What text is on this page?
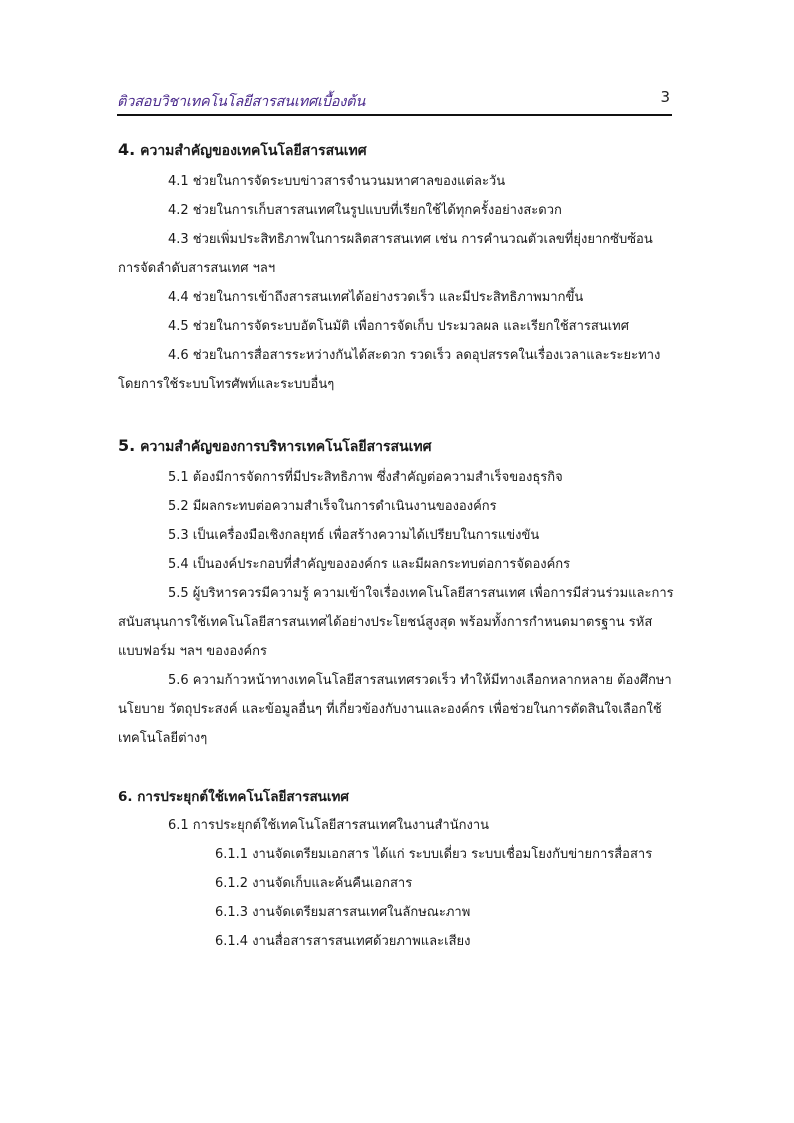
ติวสอบวิชาเทคโนโลยีสารสนเทศเบื้องต้น	3
4. ความสำคัญของเทคโนโลยีสารสนเทศ
4.1 ช่วยในการจัดระบบข่าวสารจำนวนมหาศาลของแต่ละวัน
4.2 ช่วยในการเก็บสารสนเทศในรูปแบบที่เรียกใช้ได้ทุกครั้งอย่างสะดวก
4.3 ช่วยเพิ่มประสิทธิภาพในการผลิตสารสนเทศ เช่น การคำนวณตัวเลขที่ยุ่งยากซับซ้อน
การจัดลำดับสารสนเทศ ฯลฯ
4.4 ช่วยในการเข้าถึงสารสนเทศได้อย่างรวดเร็ว และมีประสิทธิภาพมากขึ้น
4.5 ช่วยในการจัดระบบอัตโนมัติ เพื่อการจัดเก็บ ประมวลผล และเรียกใช้สารสนเทศ
4.6 ช่วยในการสื่อสารระหว่างกันได้สะดวก รวดเร็ว ลดอุปสรรคในเรื่องเวลาและระยะทาง
โดยการใช้ระบบโทรศัพท์และระบบอื่นๆ
5. ความสำคัญของการบริหารเทคโนโลยีสารสนเทศ
5.1 ต้องมีการจัดการที่มีประสิทธิภาพ ซึ่งสำคัญต่อความสำเร็จของธุรกิจ
5.2 มีผลกระทบต่อความสำเร็จในการดำเนินงานขององค์กร
5.3 เป็นเครื่องมือเชิงกลยุทธ์ เพื่อสร้างความได้เปรียบในการแข่งขัน
5.4 เป็นองค์ประกอบที่สำคัญขององค์กร และมีผลกระทบต่อการจัดองค์กร
5.5 ผู้บริหารควรมีความรู้ ความเข้าใจเรื่องเทคโนโลยีสารสนเทศ เพื่อการมีส่วนร่วมและการ
สนับสนุนการใช้เทคโนโลยีสารสนเทศได้อย่างประโยชน์สูงสุด พร้อมทั้งการกำหนดมาตรฐาน รหัส
แบบฟอร์ม ฯลฯ ขององค์กร
5.6 ความก้าวหน้าทางเทคโนโลยีสารสนเทศรวดเร็ว ทำให้มีทางเลือกหลากหลาย ต้องศึกษา
นโยบาย วัตถุประสงค์ และข้อมูลอื่นๆ ที่เกี่ยวข้องกับงานและองค์กร เพื่อช่วยในการตัดสินใจเลือกใช้
เทคโนโลยีต่างๆ
6. การประยุกต์ใช้เทคโนโลยีสารสนเทศ
6.1 การประยุกต์ใช้เทคโนโลยีสารสนเทศในงานสำนักงาน
6.1.1 งานจัดเตรียมเอกสาร ได้แก่ ระบบเดี่ยว ระบบเชื่อมโยงกับข่ายการสื่อสาร
6.1.2 งานจัดเก็บและค้นคืนเอกสาร
6.1.3 งานจัดเตรียมสารสนเทศในลักษณะภาพ
6.1.4 งานสื่อสารสารสนเทศด้วยภาพและเสียง
